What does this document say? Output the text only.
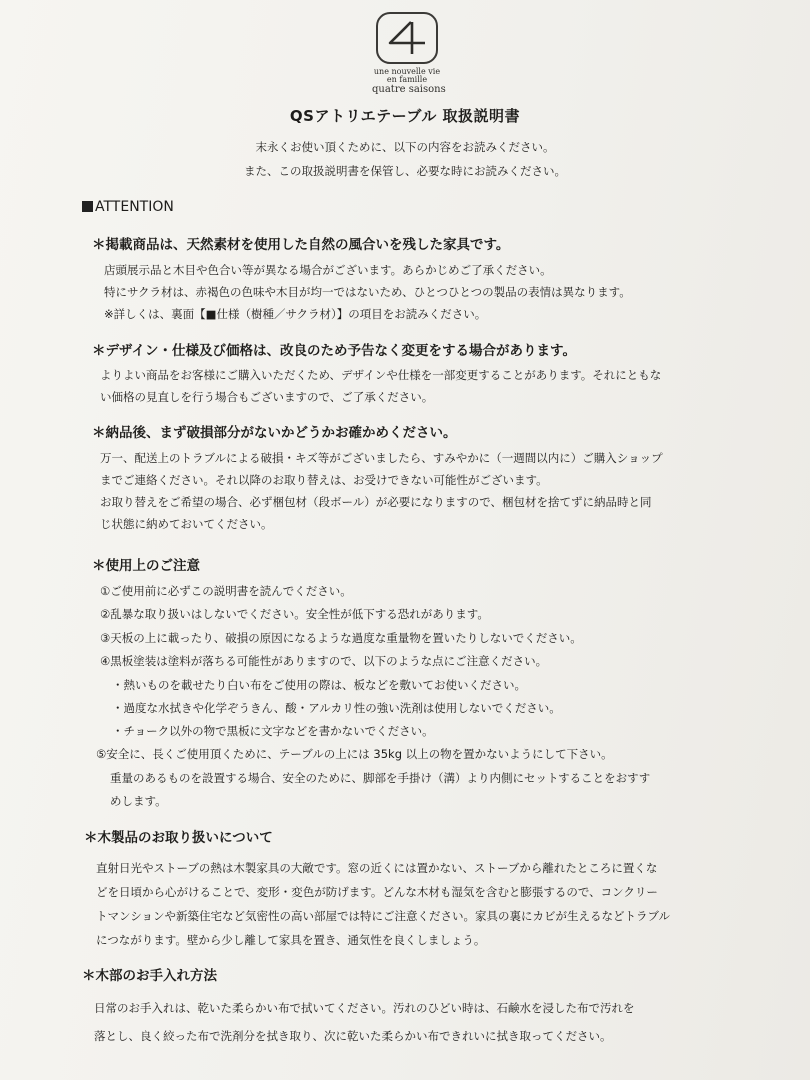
une nouvelle vie
en famille
quatre saisons
QSアトリエテーブル 取扱説明書
末永くお使い頂くために、以下の内容をお読みください。
また、この取扱説明書を保管し、必要な時にお読みください。
ATTENTION
＊掲載商品は、天然素材を使用した自然の風合いを残した家具です。
店頭展示品と木目や色合い等が異なる場合がございます。あらかじめご了承ください。
特にサクラ材は、赤褐色の色味や木目が均一ではないため、ひとつひとつの製品の表情は異なります。
※詳しくは、裏面【■仕様（樹種／サクラ材）】の項目をお読みください。
＊デザイン・仕様及び価格は、改良のため予告なく変更をする場合があります。
よりよい商品をお客様にご購入いただくため、デザインや仕様を一部変更することがあります。それにともな
い価格の見直しを行う場合もございますので、ご了承ください。
＊納品後、まず破損部分がないかどうかお確かめください。
万一、配送上のトラブルによる破損・キズ等がございましたら、すみやかに（一週間以内に）ご購入ショップ
までご連絡ください。それ以降のお取り替えは、お受けできない可能性がございます。
お取り替えをご希望の場合、必ず梱包材（段ボール）が必要になりますので、梱包材を捨てずに納品時と同
じ状態に納めておいてください。
＊使用上のご注意
①ご使用前に必ずこの説明書を読んでください。
②乱暴な取り扱いはしないでください。安全性が低下する恐れがあります。
③天板の上に載ったり、破損の原因になるような過度な重量物を置いたりしないでください。
④黒板塗装は塗料が落ちる可能性がありますので、以下のような点にご注意ください。
・熱いものを載せたり白い布をご使用の際は、板などを敷いてお使いください。
・過度な水拭きや化学ぞうきん、酸・アルカリ性の強い洗剤は使用しないでください。
・チョーク以外の物で黒板に文字などを書かないでください。
⑤安全に、長くご使用頂くために、テーブルの上には 35kg 以上の物を置かないようにして下さい。
重量のあるものを設置する場合、安全のために、脚部を手掛け（溝）より内側にセットすることをおすす
めします。
＊木製品のお取り扱いについて
直射日光やストーブの熱は木製家具の大敵です。窓の近くには置かない、ストーブから離れたところに置くな
どを日頃から心がけることで、変形・変色が防げます。どんな木材も湿気を含むと膨張するので、コンクリー
トマンションや新築住宅など気密性の高い部屋では特にご注意ください。家具の裏にカビが生えるなどトラブル
につながります。壁から少し離して家具を置き、通気性を良くしましょう。
＊木部のお手入れ方法
日常のお手入れは、乾いた柔らかい布で拭いてください。汚れのひどい時は、石鹸水を浸した布で汚れを
落とし、良く絞った布で洗剤分を拭き取り、次に乾いた柔らかい布できれいに拭き取ってください。
